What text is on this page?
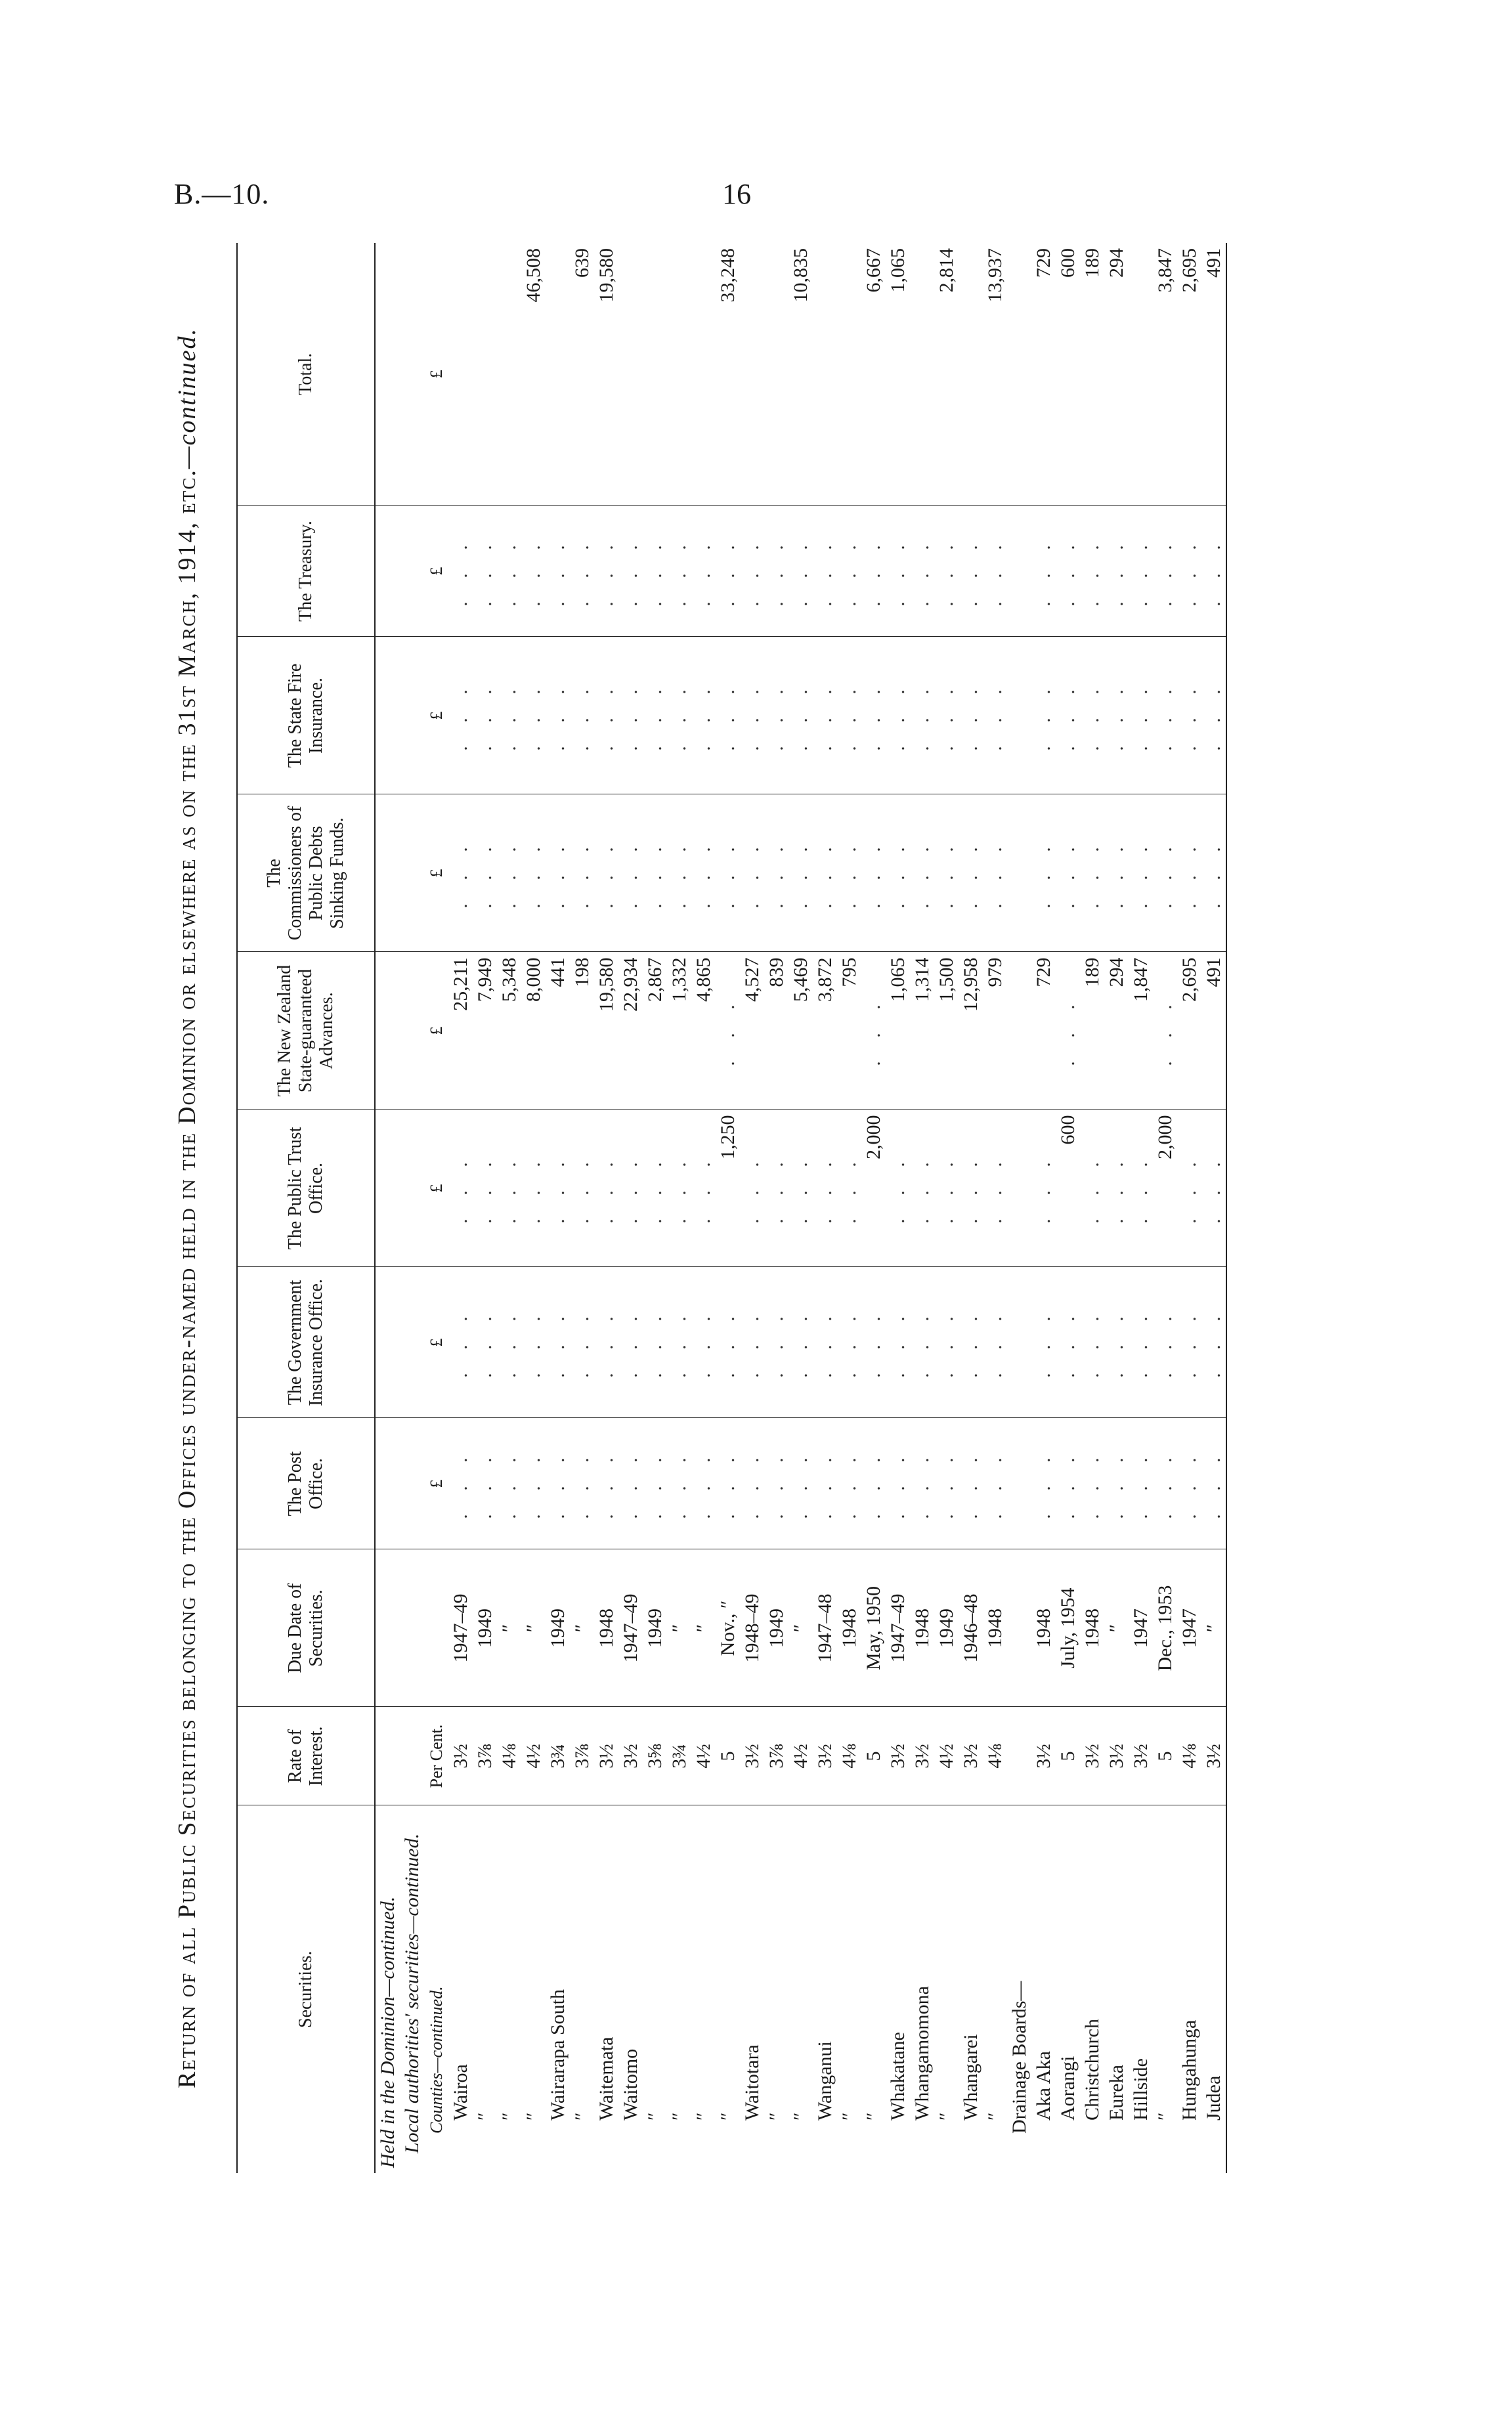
B.—10.	16
Return of all Public Securities belonging to the Offices under-named held in the Dominion or elsewhere as on the 31st March, 1914, etc.—continued.
Securities.	Rate of Interest.	Due Date of Securities.	The Post Office.	The Government Insurance Office.	The Public Trust Office.	The New Zealand State-guaranteed Advances.	The Commissioners of Public Debts Sinking Funds.	The State Fire Insurance.	The Treasury.	Total.
Held in the Dominion—continued.										
Local authorities' securities—continued.										
Counties—continued.	Per Cent.		£	£	£	£	£	£	£	£
Wairoa	3½	1947–49	. . .	. . .	. . .	25,211	. . .	. . .	. . .	
″	3⅞	1949	. . .	. . .	. . .	7,949	. . .	. . .	. . .	
″	4⅛	″	. . .	. . .	. . .	5,348	. . .	. . .	. . .	
″	4½	″	. . .	. . .	. . .	8,000	. . .	. . .	. . .	46,508
Wairarapa South	3¾	1949	. . .	. . .	. . .	441	. . .	. . .	. . .	
″	3⅞	″	. . .	. . .	. . .	198	. . .	. . .	. . .	639
Waitemata	3½	1948	. . .	. . .	. . .	19,580	. . .	. . .	. . .	19,580
Waitomo	3½	1947–49	. . .	. . .	. . .	22,934	. . .	. . .	. . .	
″	3⅝	1949	. . .	. . .	. . .	2,867	. . .	. . .	. . .	
″	3¾	″	. . .	. . .	. . .	1,332	. . .	. . .	. . .	
″	4½	″	. . .	. . .	. . .	4,865	. . .	. . .	. . .	
″	5	Nov., ″	. . .	. . .	1,250	. . .	. . .	. . .	. . .	33,248
Waitotara	3½	1948–49	. . .	. . .	. . .	4,527	. . .	. . .	. . .	
″	3⅞	1949	. . .	. . .	. . .	839	. . .	. . .	. . .	
″	4½	″	. . .	. . .	. . .	5,469	. . .	. . .	. . .	10,835
Wanganui	3½	1947–48	. . .	. . .	. . .	3,872	. . .	. . .	. . .	
″	4⅛	1948	. . .	. . .	. . .	795	. . .	. . .	. . .	
″	5	May, 1950	. . .	. . .	2,000	. . .	. . .	. . .	. . .	6,667
Whakatane	3½	1947–49	. . .	. . .	. . .	1,065	. . .	. . .	. . .	1,065
Whangamomona	3½	1948	. . .	. . .	. . .	1,314	. . .	. . .	. . .	
″	4½	1949	. . .	. . .	. . .	1,500	. . .	. . .	. . .	2,814
Whangarei	3½	1946–48	. . .	. . .	. . .	12,958	. . .	. . .	. . .	
″	4⅛	1948	. . .	. . .	. . .	979	. . .	. . .	. . .	13,937
Drainage Boards—										
Aka Aka	3½	1948	. . .	. . .	. . .	729	. . .	. . .	. . .	729
Aorangi	5	July, 1954	. . .	. . .	600	. . .	. . .	. . .	. . .	600
Christchurch	3½	1948	. . .	. . .	. . .	189	. . .	. . .	. . .	189
Eureka	3½	″	. . .	. . .	. . .	294	. . .	. . .	. . .	294
Hillside	3½	1947	. . .	. . .	. . .	1,847	. . .	. . .	. . .	
″	5	Dec., 1953	. . .	. . .	2,000	. . .	. . .	. . .	. . .	3,847
Hungahunga	4⅛	1947	. . .	. . .	. . .	2,695	. . .	. . .	. . .	2,695
Judea	3½	″	. . .	. . .	. . .	491	. . .	. . .	. . .	491
